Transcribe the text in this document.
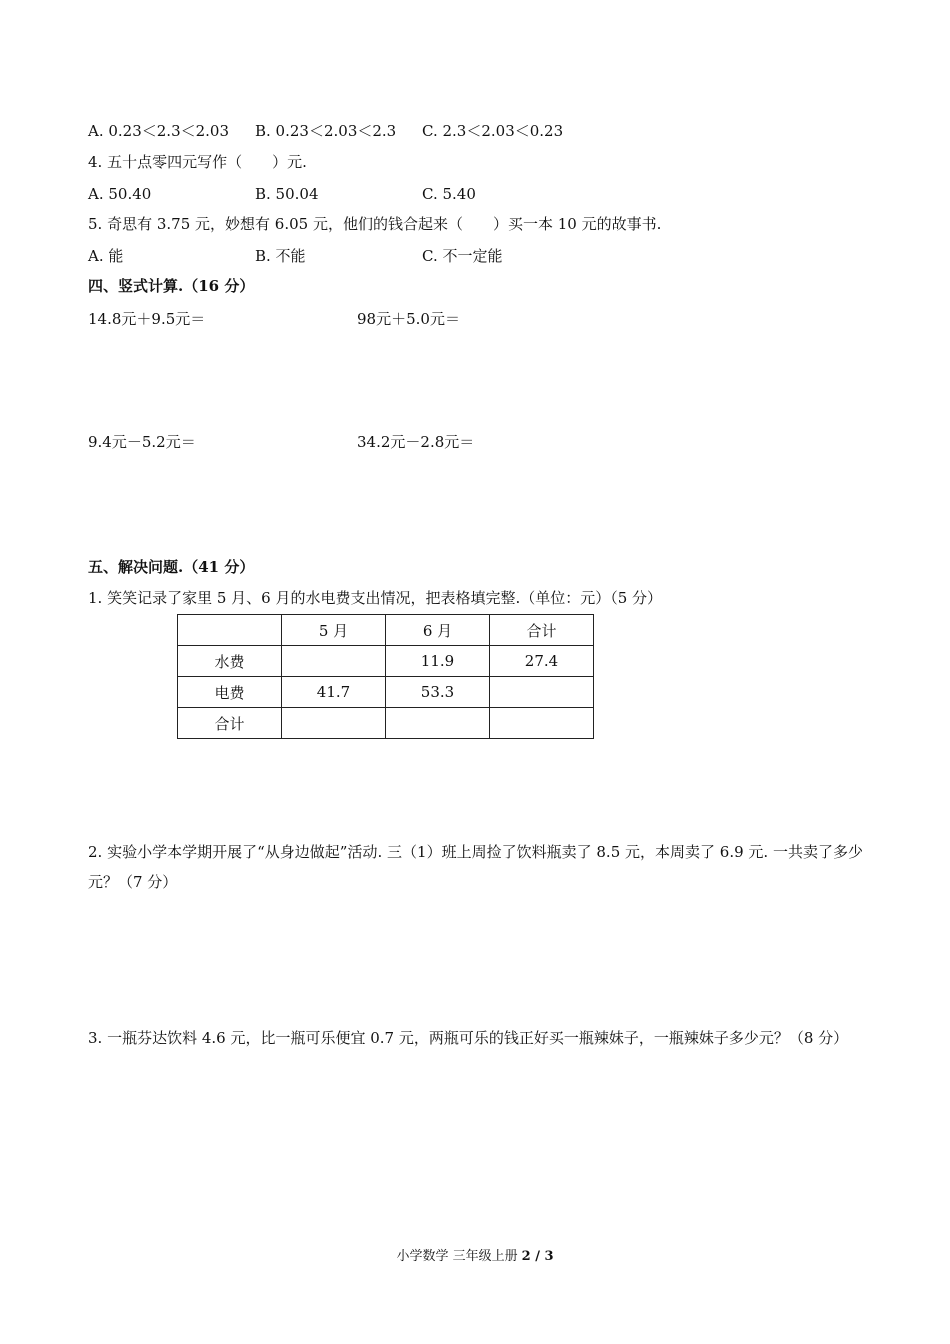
A. 0.23＜2.3＜2.03 B. 0.23＜2.03＜2.3 C. 2.3＜2.03＜0.23
4. 五十点零四元写作（　　）元.
A. 50.40	B. 50.04	C. 5.40
5. 奇思有 3.75 元，妙想有 6.05 元，他们的钱合起来（　　）买一本 10 元的故事书.
A. 能	B. 不能	C. 不一定能
四、竖式计算.（16 分）
14.8元＋9.5元＝	98元＋5.0元＝
9.4元－5.2元＝	34.2元－2.8元＝
五、解决问题.（41 分）
1. 笑笑记录了家里 5 月、6 月的水电费支出情况，把表格填完整.（单位：元）（5 分）
	5 月	6 月	合计
水费		11.9	27.4
电费	41.7	53.3	
合计			
2. 实验小学本学期开展了“从身边做起”活动. 三（1）班上周捡了饮料瓶卖了 8.5 元，本周卖了 6.9 元. 一共卖了多少元？（7 分）
3. 一瓶芬达饮料 4.6 元，比一瓶可乐便宜 0.7 元，两瓶可乐的钱正好买一瓶辣妹子，一瓶辣妹子多少元？（8 分）
小学数学 三年级上册 2 / 3
